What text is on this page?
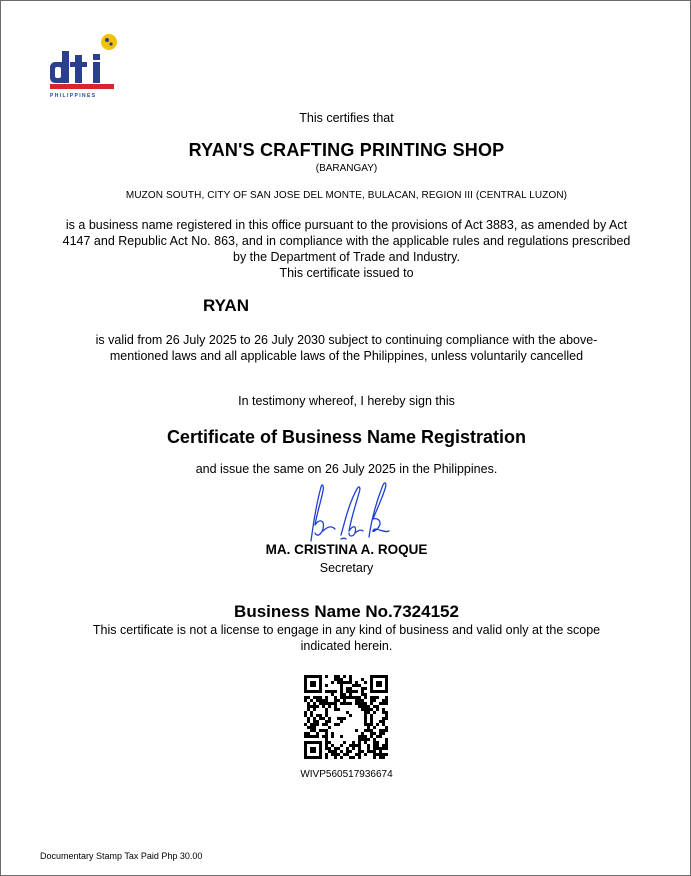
PHILIPPINES
This certifies that
RYAN'S CRAFTING PRINTING SHOP
(BARANGAY)
MUZON SOUTH, CITY OF SAN JOSE DEL MONTE, BULACAN, REGION III (CENTRAL LUZON)
is a business name registered in this office pursuant to the provisions of Act 3883, as amended by Act 4147 and Republic Act No. 863, and in compliance with the applicable rules and regulations prescribed by the Department of Trade and Industry.
This certificate issued to
RYAN
is valid from 26 July 2025 to 26 July 2030 subject to continuing compliance with the above-mentioned laws and all applicable laws of the Philippines, unless voluntarily cancelled
In testimony whereof, I hereby sign this
Certificate of Business Name Registration
and issue the same on 26 July 2025 in the Philippines.
MA. CRISTINA A. ROQUE
Secretary
Business Name No.7324152
This certificate is not a license to engage in any kind of business and valid only at the scope indicated herein.
WIVP560517936674
Documentary Stamp Tax Paid Php 30.00
